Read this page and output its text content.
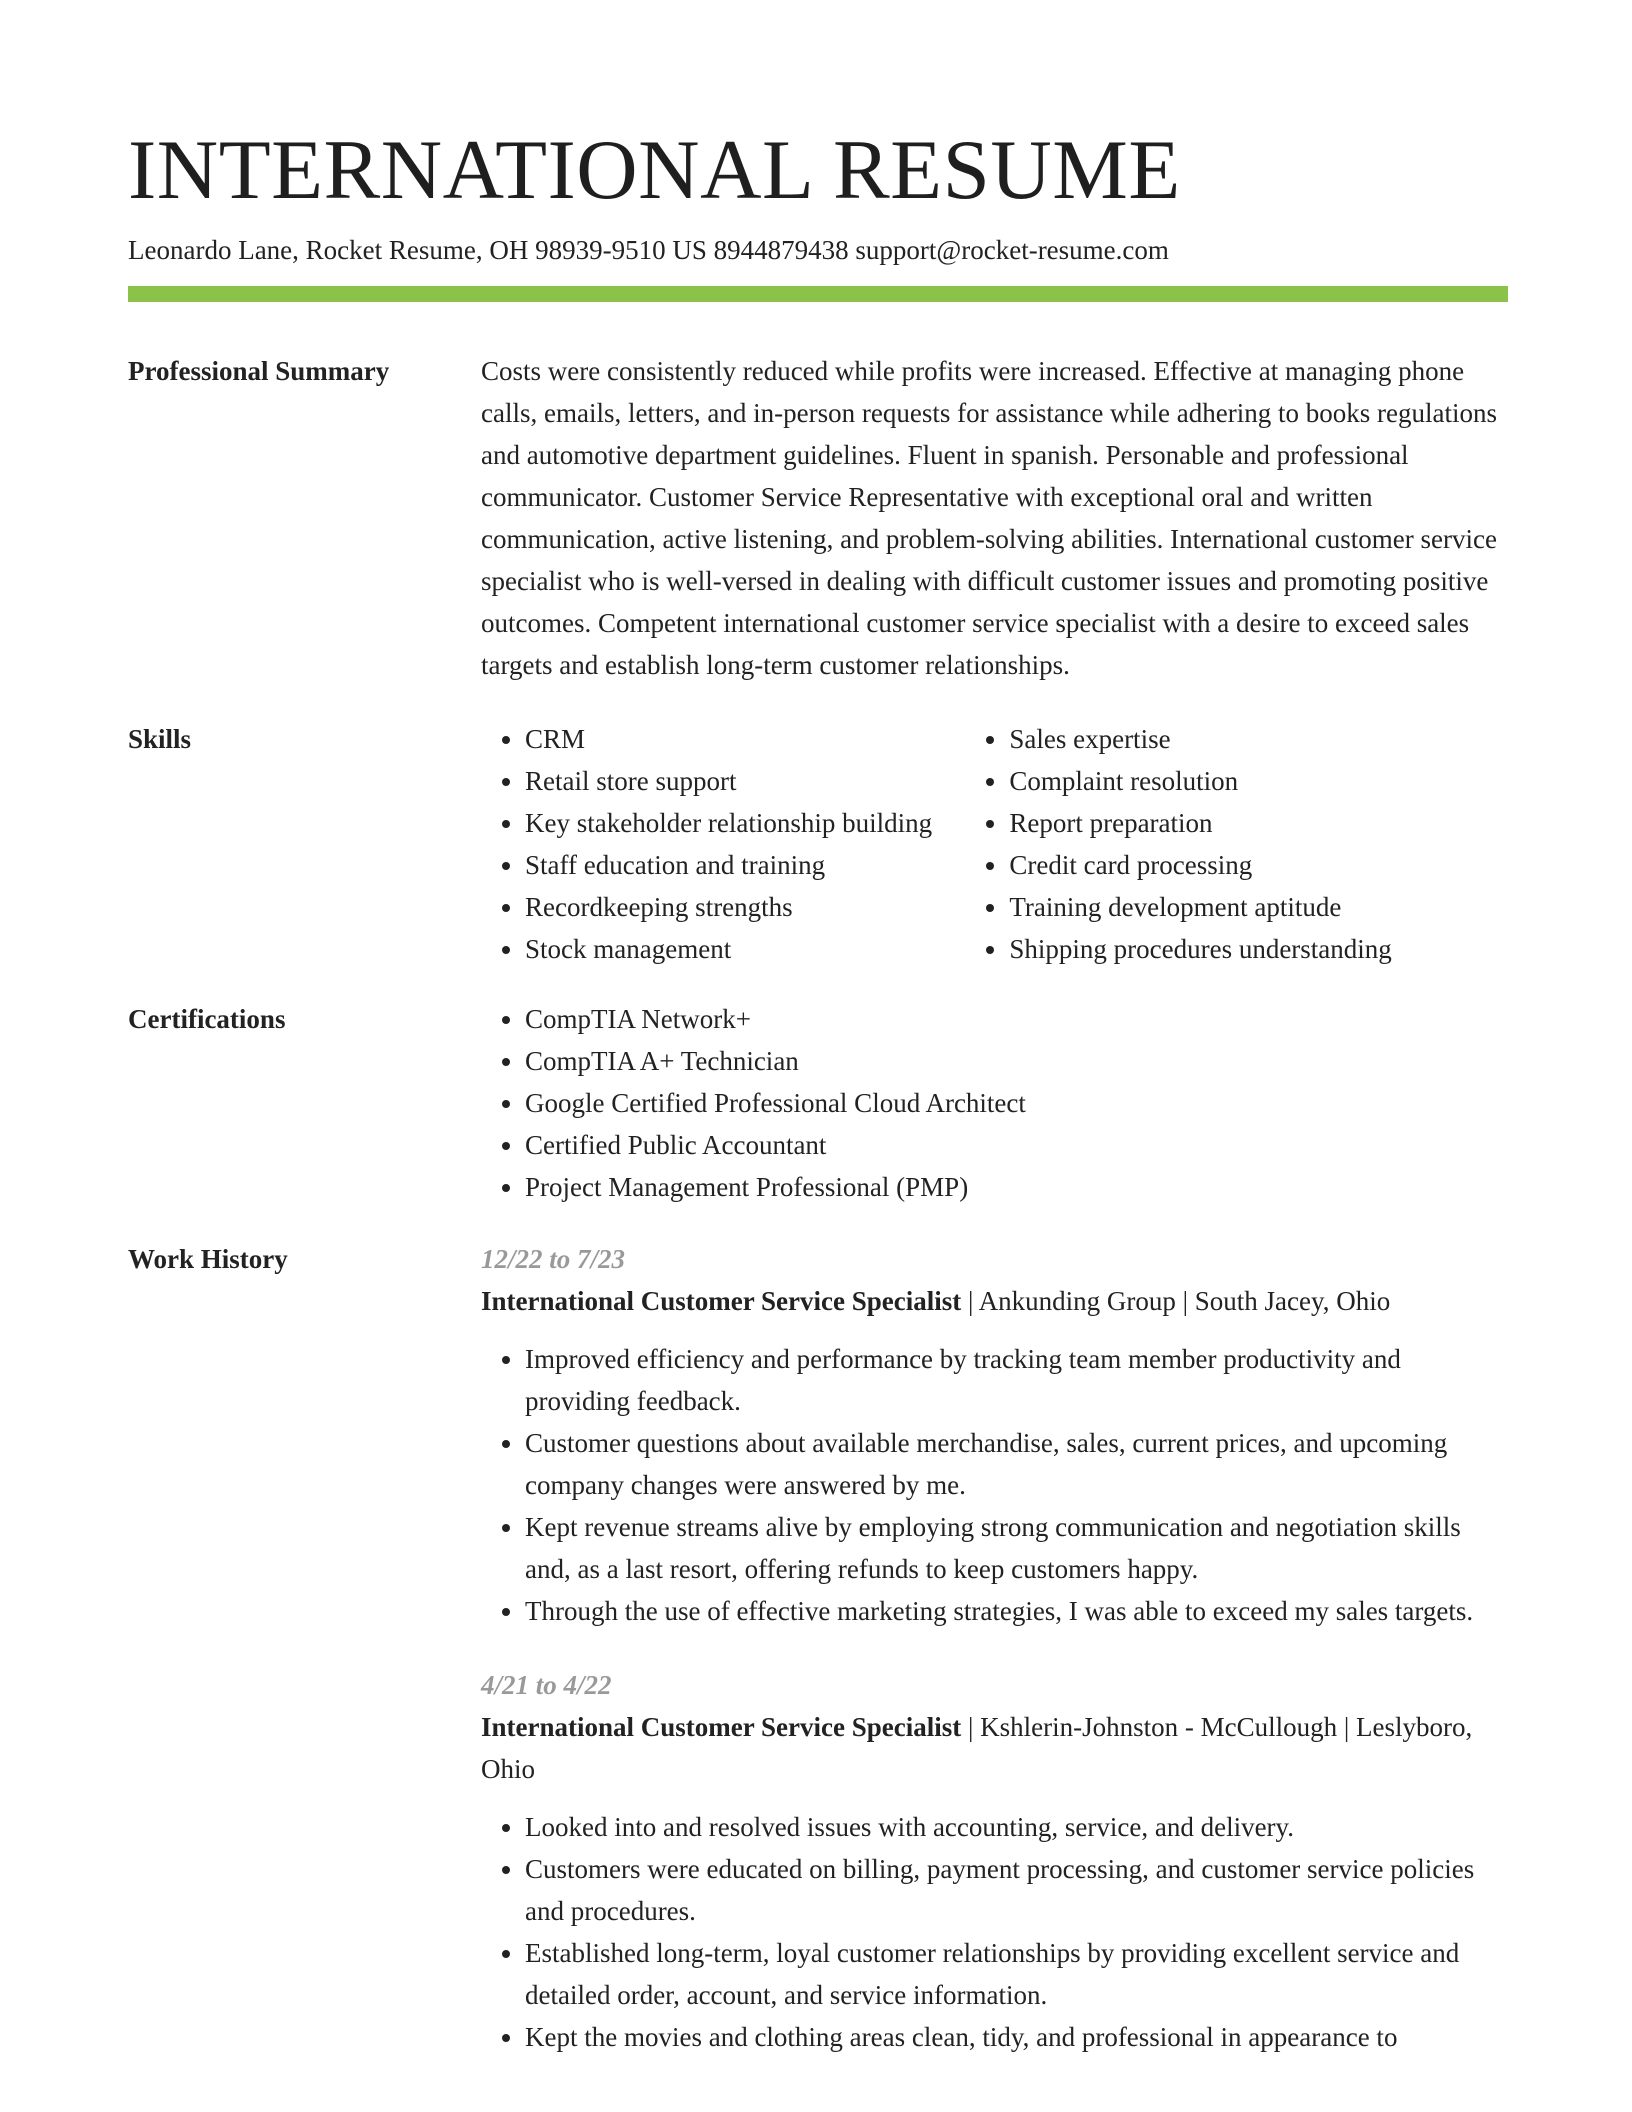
INTERNATIONAL RESUME
Leonardo Lane, Rocket Resume, OH 98939-9510 US 8944879438 support@rocket-resume.com
Professional Summary	Costs were consistently reduced while profits were increased. Effective at managing phone calls, emails, letters, and in-person requests for assistance while adhering to books regulations and automotive department guidelines. Fluent in spanish. Personable and professional communicator. Customer Service Representative with exceptional oral and written communication, active listening, and problem-solving abilities. International customer service specialist who is well-versed in dealing with difficult customer issues and promoting positive outcomes. Competent international customer service specialist with a desire to exceed sales targets and establish long-term customer relationships.

Skills	• CRM
• Retail store support
• Key stakeholder relationship building
• Staff education and training
• Recordkeeping strengths
• Stock management
• Sales expertise
• Complaint resolution
• Report preparation
• Credit card processing
• Training development aptitude
• Shipping procedures understanding
Certifications	• CompTIA Network+
• CompTIA A+ Technician
• Google Certified Professional Cloud Architect
• Certified Public Accountant
• Project Management Professional (PMP)
Work History	12/22 to 7/23

International Customer Service Specialist | Ankunding Group | South Jacey, Ohio

• Improved efficiency and performance by tracking team member productivity and providing feedback.
• Customer questions about available merchandise, sales, current prices, and upcoming company changes were answered by me.
• Kept revenue streams alive by employing strong communication and negotiation skills and, as a last resort, offering refunds to keep customers happy.
• Through the use of effective marketing strategies, I was able to exceed my sales targets.

4/21 to 4/22

International Customer Service Specialist | Kshlerin-Johnston - McCullough | Leslyboro, Ohio

• Looked into and resolved issues with accounting, service, and delivery.
• Customers were educated on billing, payment processing, and customer service policies and procedures.
• Established long-term, loyal customer relationships by providing excellent service and detailed order, account, and service information.
• Kept the movies and clothing areas clean, tidy, and professional in appearance to
